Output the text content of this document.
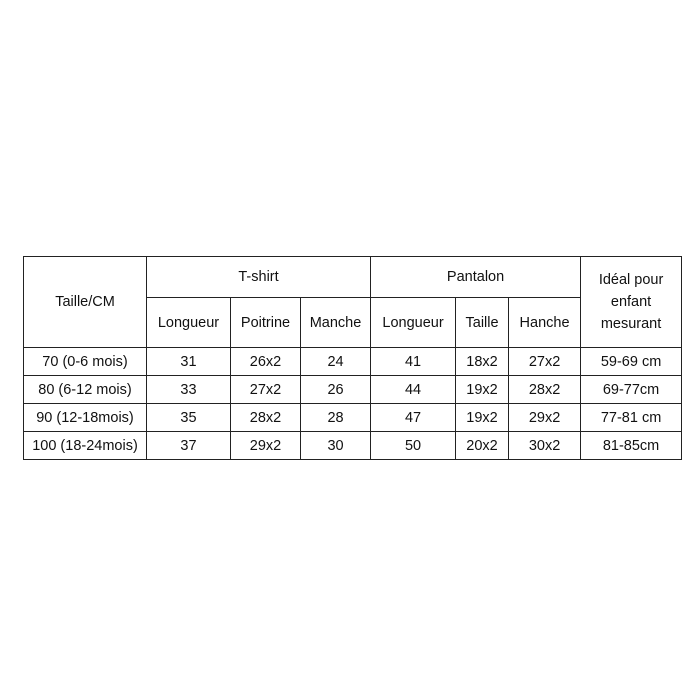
Taille/CM	T-shirt			Pantalon			Idéal pour
enfant
mesurant

	Longueur	Poitrine	Manche	Longueur	Taille	Hanche	
70 (0-6 mois)	31	26x2	24	41	18x2	27x2	59-69 cm
80 (6-12 mois)	33	27x2	26	44	19x2	28x2	69-77cm
90 (12-18mois)	35	28x2	28	47	19x2	29x2	77-81 cm
100 (18-24mois)	37	29x2	30	50	20x2	30x2	81-85cm
